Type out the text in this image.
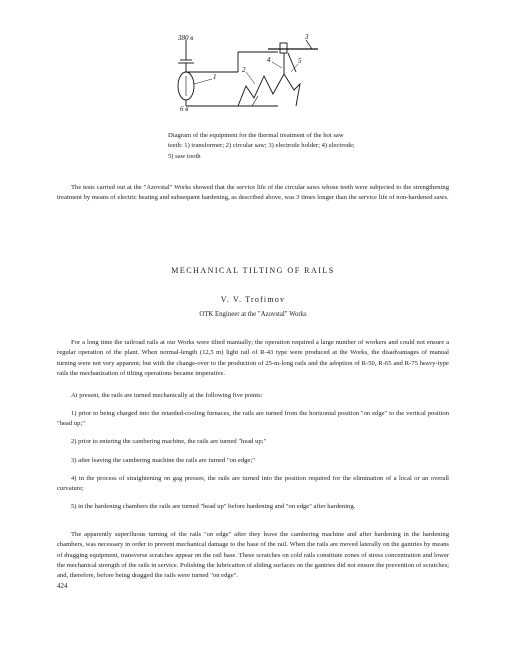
380 в
6 в
1
2
3
4	5
Diagram of the equipment for the thermal treatment of the hot saw teeth: 1) transformer; 2) circular saw; 3) electrode holder; 4) electrode; 5) saw tooth
The tests carried out at the "Azovstal" Works showed that the service life of the circular saws whose teeth were subjected to the strengthening treatment by means of electric heating and subsequent hardening, as described above, was 3 times longer than the service life of non-hardened saws.
MECHANICAL TILTING OF RAILS
V. V. Trofimov
OTK Engineer at the "Azovstal" Works
For a long time the railroad rails at our Works were tilted manually; the operation required a large number of workers and could not ensure a regular operation of the plant. When normal-length (12,5 m) light rail of R-43 type were produced at the Works, the disadvantages of manual turning were not very apparent; but with the change-over to the production of 25-m-long rails and the adoption of R-50, R-65 and R-75 heavy-type rails the mechanization of tilting operations became imperative.
At present, the rails are turned mechanically at the following five points:
1) prior to being charged into the retarded-cooling furnaces, the rails are turned from the horizontal position "on edge" to the vertical position "head up;"
2) prior to entering the cambering machine, the rails are turned "head up;"
3) after leaving the cambering machine the rails are turned "on edge;"
4) in the process of straightening on gag presses, the rails are turned into the position required for the elimination of a local or an overall curvature;
5) in the hardening chambers the rails are turned "head up" before hardening and "on edge" after hardening.
The apparently superfluous turning of the rails "on edge" after they leave the cambering machine and after hardening in the hardening chambers, was necessary in order to prevent mechanical damage to the base of the rail. When the rails are moved laterally on the gantries by means of dragging equipment, transverse scratches appear on the rail base. These scratches on cold rails constitute zones of stress concentration and lower the mechanical strength of the rails in service. Polishing the lubrication of sliding surfaces on the gantries did not ensure the prevention of scratches; and, therefore, before being dragged the rails were turned "on edge".
424
